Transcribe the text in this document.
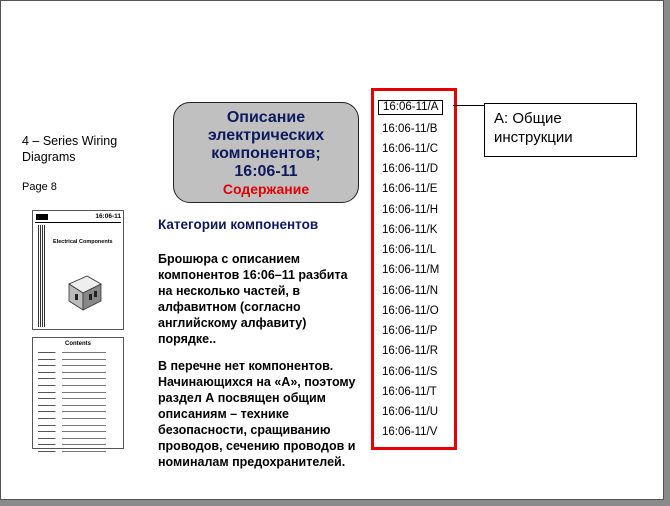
4 – Series Wiring
Diagrams
Page 8
16:06-11
Electrical Components
Contents
Описание
электрических
компонентов;
16:06-11
Содержание
Категории компонентов
Брошюра с описанием компонентов 16:06–11 разбита на несколько частей, в алфавитном (согласно английскому алфавиту) порядке..
В перечне нет компонентов. Начинающихся на «А», поэтому раздел А посвящен общим описаниям – технике безопасности, сращиванию проводов, сечению проводов и номиналам предохранителей.
16:06-11/A
16:06-11/B
16:06-11/C
16:06-11/D
16:06-11/E
16:06-11/H
16:06-11/K
16:06-11/L
16:06-11/M
16:06-11/N
16:06-11/O
16:06-11/P
16:06-11/R
16:06-11/S
16:06-11/T
16:06-11/U
16:06-11/V
A: Общие
инструкции
